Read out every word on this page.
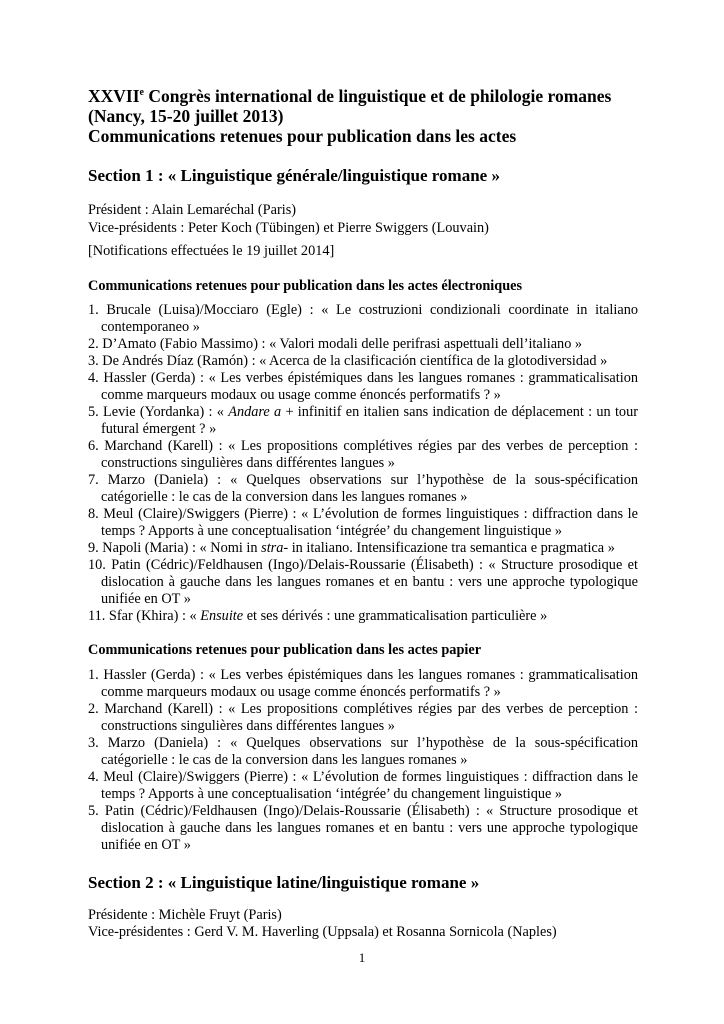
XXVIIe Congrès international de linguistique et de philologie romanes
(Nancy, 15-20 juillet 2013)
Communications retenues pour publication dans les actes
Section 1 : « Linguistique générale/linguistique romane »

Président : Alain Lemaréchal (Paris)

Vice-présidents : Peter Koch (Tübingen) et Pierre Swiggers (Louvain)

[Notifications effectuées le 19 juillet 2014]

Communications retenues pour publication dans les actes électroniques
1. Brucale (Luisa)/Mocciaro (Egle) : « Le costruzioni condizionali coordinate in italiano contemporaneo »
2. D’Amato (Fabio Massimo) : « Valori modali delle perifrasi aspettuali dell’italiano »
3. De Andrés Díaz (Ramón) : « Acerca de la clasificación científica de la glotodiversidad »
4. Hassler (Gerda) : « Les verbes épistémiques dans les langues romanes : grammaticalisation comme marqueurs modaux ou usage comme énoncés performatifs ? »
5. Levie (Yordanka) : « Andare a + infinitif en italien sans indication de déplacement : un tour futural émergent ? »
6. Marchand (Karell) : « Les propositions complétives régies par des verbes de perception : constructions singulières dans différentes langues »
7. Marzo (Daniela) : « Quelques observations sur l’hypothèse de la sous-spécification catégorielle : le cas de la conversion dans les langues romanes »
8. Meul (Claire)/Swiggers (Pierre) : « L’évolution de formes linguistiques : diffraction dans le temps ? Apports à une conceptualisation ‘intégrée’ du changement linguistique »
9. Napoli (Maria) : « Nomi in stra- in italiano. Intensificazione tra semantica e pragmatica »
10. Patin (Cédric)/Feldhausen (Ingo)/Delais-Roussarie (Élisabeth) : « Structure prosodique et dislocation à gauche dans les langues romanes et en bantu : vers une approche typologique unifiée en OT »
11. Sfar (Khira) : « Ensuite et ses dérivés : une grammaticalisation particulière »
Communications retenues pour publication dans les actes papier
1. Hassler (Gerda) : « Les verbes épistémiques dans les langues romanes : grammaticalisation comme marqueurs modaux ou usage comme énoncés performatifs ? »
2. Marchand (Karell) : « Les propositions complétives régies par des verbes de perception : constructions singulières dans différentes langues »
3. Marzo (Daniela) : « Quelques observations sur l’hypothèse de la sous-spécification catégorielle : le cas de la conversion dans les langues romanes »
4. Meul (Claire)/Swiggers (Pierre) : « L’évolution de formes linguistiques : diffraction dans le temps ? Apports à une conceptualisation ‘intégrée’ du changement linguistique »
5. Patin (Cédric)/Feldhausen (Ingo)/Delais-Roussarie (Élisabeth) : « Structure prosodique et dislocation à gauche dans les langues romanes et en bantu : vers une approche typologique unifiée en OT »
Section 2 : « Linguistique latine/linguistique romane »

Présidente : Michèle Fruyt (Paris)

Vice-présidentes : Gerd V. M. Haverling (Uppsala) et Rosanna Sornicola (Naples)

1
